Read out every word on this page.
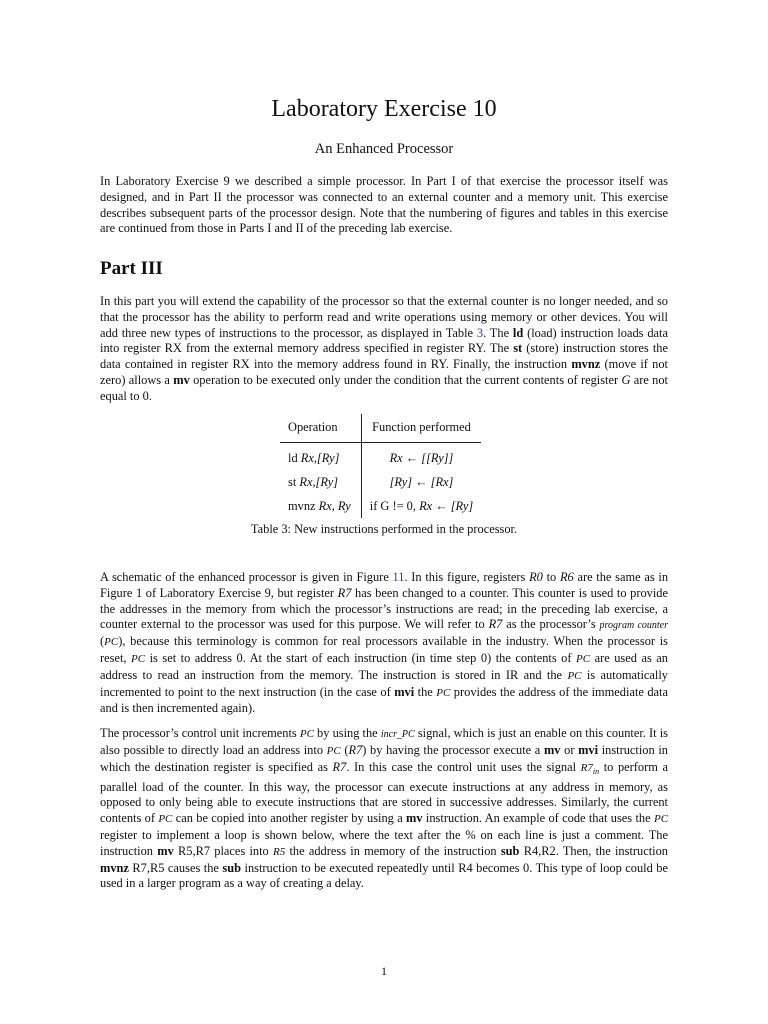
Laboratory Exercise 10
An Enhanced Processor
In Laboratory Exercise 9 we described a simple processor. In Part I of that exercise the processor itself was designed, and in Part II the processor was connected to an external counter and a memory unit. This exercise describes subsequent parts of the processor design. Note that the numbering of figures and tables in this exercise are continued from those in Parts I and II of the preceding lab exercise.
Part III
In this part you will extend the capability of the processor so that the external counter is no longer needed, and so that the processor has the ability to perform read and write operations using memory or other devices. You will add three new types of instructions to the processor, as displayed in Table 3. The ld (load) instruction loads data into register RX from the external memory address specified in register RY. The st (store) instruction stores the data contained in register RX into the memory address found in RY. Finally, the instruction mvnz (move if not zero) allows a mv operation to be executed only under the condition that the current contents of register G are not equal to 0.
Operation	Function performed
ld Rx,[Ry]	Rx ← [[Ry]]
st Rx,[Ry]	[Ry] ← [Rx]
mvnz Rx, Ry	if G != 0, Rx ← [Ry]
Table 3: New instructions performed in the processor.
A schematic of the enhanced processor is given in Figure 11. In this figure, registers R0 to R6 are the same as in Figure 1 of Laboratory Exercise 9, but register R7 has been changed to a counter. This counter is used to provide the addresses in the memory from which the processor’s instructions are read; in the preceding lab exercise, a counter external to the processor was used for this purpose. We will refer to R7 as the processor’s program counter (PC), because this terminology is common for real processors available in the industry. When the processor is reset, PC is set to address 0. At the start of each instruction (in time step 0) the contents of PC are used as an address to read an instruction from the memory. The instruction is stored in IR and the PC is automatically incremented to point to the next instruction (in the case of mvi the PC provides the address of the immediate data and is then incremented again).
The processor’s control unit increments PC by using the incr_PC signal, which is just an enable on this counter. It is also possible to directly load an address into PC (R7) by having the processor execute a mv or mvi instruction in which the destination register is specified as R7. In this case the control unit uses the signal $R7_{in}$ to perform a parallel load of the counter. In this way, the processor can execute instructions at any address in memory, as opposed to only being able to execute instructions that are stored in successive addresses. Similarly, the current contents of PC can be copied into another register by using a mv instruction. An example of code that uses the PC register to implement a loop is shown below, where the text after the % on each line is just a comment. The instruction mv R5,R7 places into R5 the address in memory of the instruction sub R4,R2. Then, the instruction mvnz R7,R5 causes the sub instruction to be executed repeatedly until R4 becomes 0. This type of loop could be used in a larger program as a way of creating a delay.
1
